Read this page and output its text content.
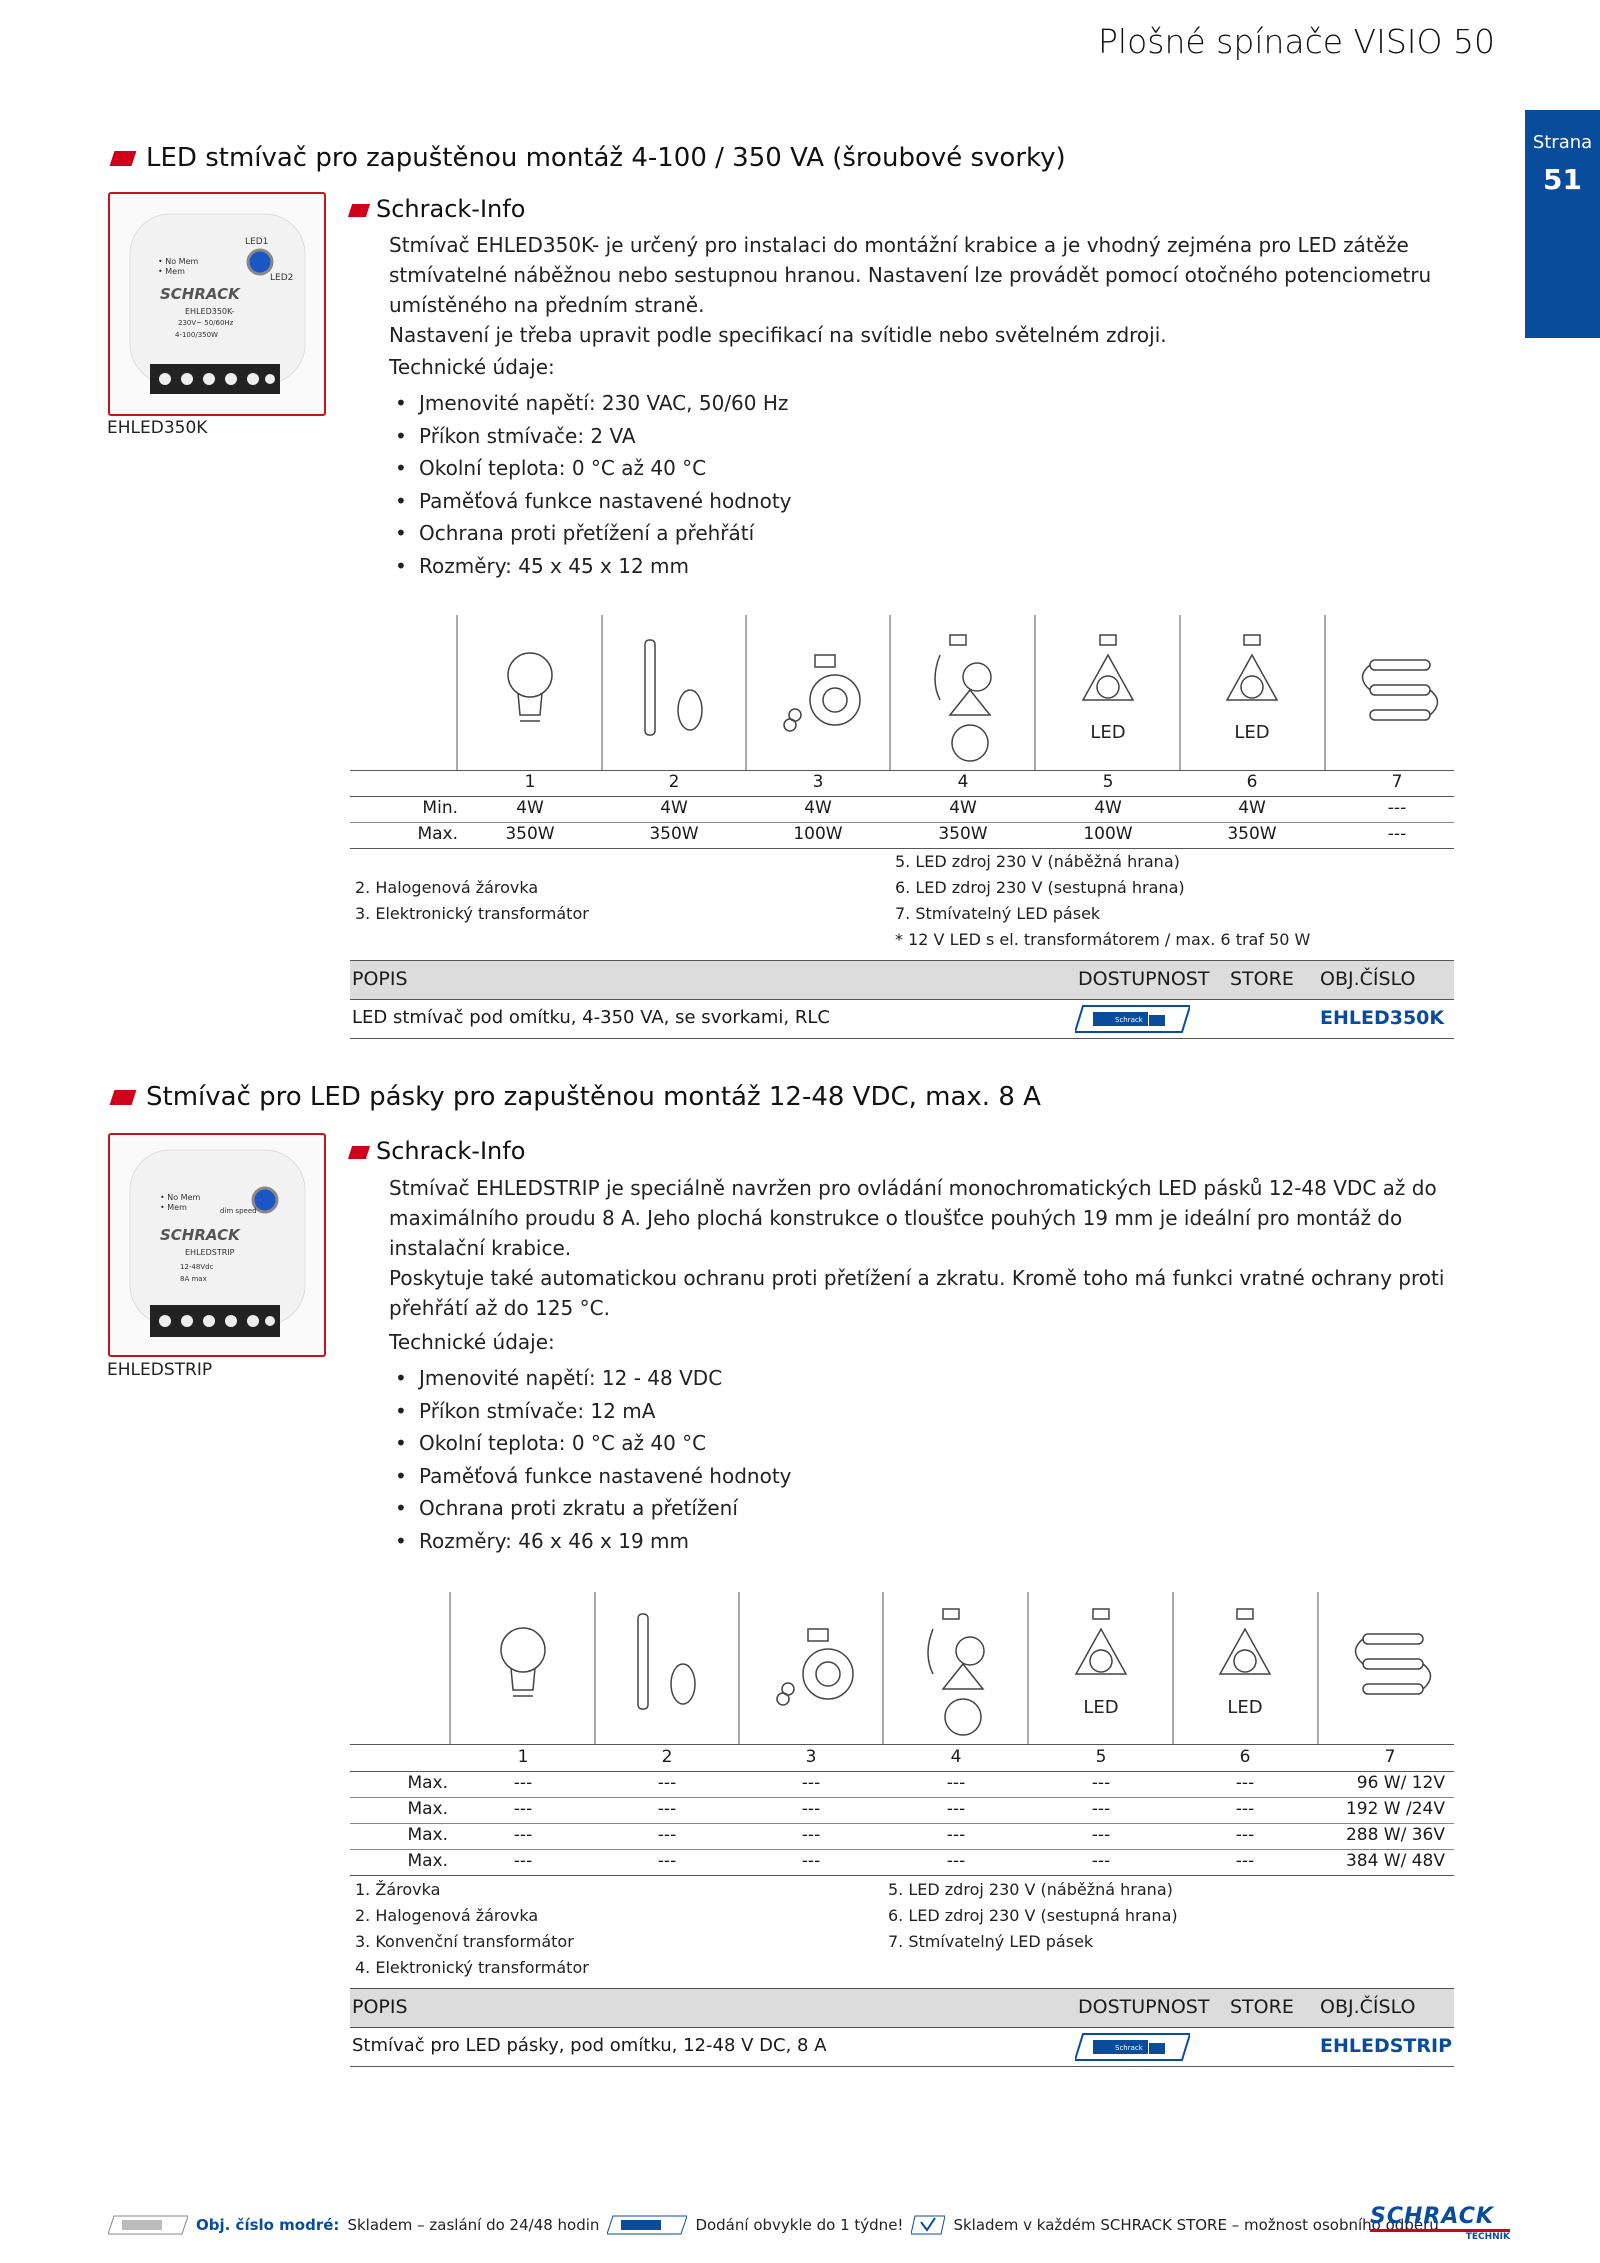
Plošné spínače VISIO 50
Strana
51
LED stmívač pro zapuštěnou montáž 4-100 / 350 VA (šroubové svorky)
LED1
LED2
• No Mem
• Mem
SCHRACK
EHLED350K-
230V~ 50/60Hz
4-100/350W
EHLED350K
Schrack-Info
Stmívač EHLED350K- je určený pro instalaci do montážní krabice a je vhodný zejména pro LED zátěže stmívatelné náběžnou nebo sestupnou hranou. Nastavení lze provádět pomocí otočného potenciometru umístěného na předním straně.
Nastavení je třeba upravit podle specifikací na svítidle nebo světelném zdroji.
Technické údaje:
• Jmenovité napětí: 230 VAC, 50/60 Hz
• Příkon stmívače: 2 VA
• Okolní teplota: 0 °C až 40 °C
• Paměťová funkce nastavené hodnoty
• Ochrana proti přetížení a přehřátí
• Rozměry: 45 x 45 x 12 mm
LED	LED
1	2	3	4	5	6	7
Min.	4W	4W	4W	4W	4W	4W	---
Max.	350W	350W	100W	350W	100W	350W	---
2. Halogenová žárovka
3. Elektronický transformátor
5. LED zdroj 230 V (náběžná hrana)
6. LED zdroj 230 V (sestupná hrana)
7. Stmívatelný LED pásek
* 12 V LED s el. transformátorem / max. 6 traf 50 W
POPIS	DOSTUPNOST STORE OBJ.ČÍSLO
LED stmívač pod omítku, 4-350 VA, se svorkami, RLC	Schrack	EHLED350K
Stmívač pro LED pásky pro zapuštěnou montáž 12-48 VDC, max. 8 A
• No Mem
• Mem	dim speed
SCHRACK
EHLEDSTRIP
12-48Vdc
8A max
EHLEDSTRIP
Schrack-Info
Stmívač EHLEDSTRIP je speciálně navržen pro ovládání monochromatických LED pásků 12-48 VDC až do maximálního proudu 8 A. Jeho plochá konstrukce o tloušťce pouhých 19 mm je ideální pro montáž do instalační krabice.
Poskytuje také automatickou ochranu proti přetížení a zkratu. Kromě toho má funkci vratné ochrany proti přehřátí až do 125 °C.
Technické údaje:
• Jmenovité napětí: 12 - 48 VDC
• Příkon stmívače: 12 mA
• Okolní teplota: 0 °C až 40 °C
• Paměťová funkce nastavené hodnoty
• Ochrana proti zkratu a přetížení
• Rozměry: 46 x 46 x 19 mm
LED	LED
1	2	3	4	5	6	7
Max.	---	---	---	---	---	---	96 W/ 12V
Max.	---	---	---	---	---	---	192 W /24V
Max.	---	---	---	---	---	---	288 W/ 36V
Max.	---	---	---	---	---	---	384 W/ 48V
1. Žárovka
2. Halogenová žárovka
3. Konvenční transformátor
4. Elektronický transformátor
5. LED zdroj 230 V (náběžná hrana)
6. LED zdroj 230 V (sestupná hrana)
7. Stmívatelný LED pásek
POPIS	DOSTUPNOST STORE OBJ.ČÍSLO
Stmívač pro LED pásky, pod omítku, 12-48 V DC, 8 A	Schrack	EHLEDSTRIP
Obj. číslo modré: Skladem – zaslání do 24/48 hodin	Dodání obvykle do 1 týdne!	Skladem v každém SCHRACK STORE – možnost osobního odběru
SCHRACK
TECHNIK
